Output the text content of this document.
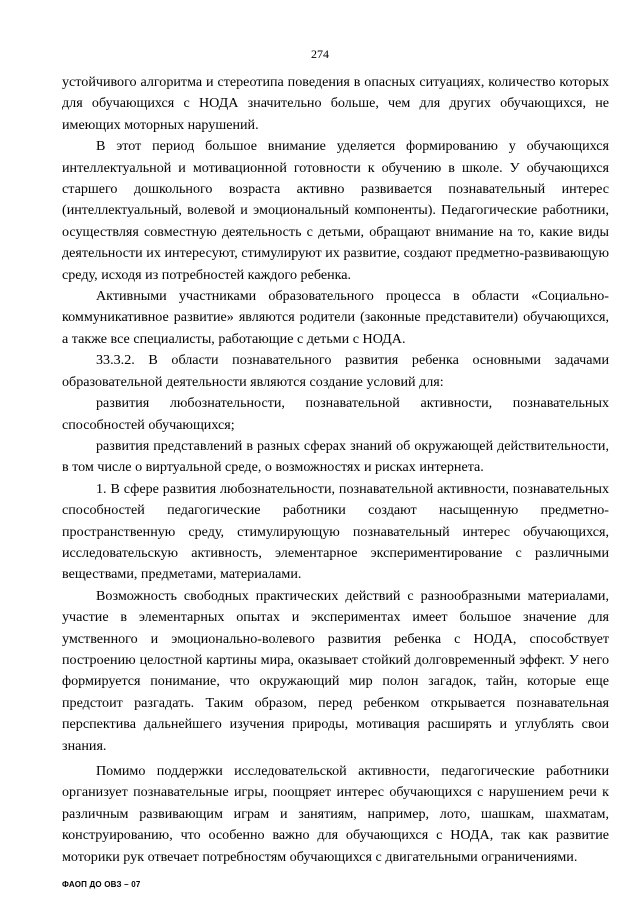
274

устойчивого алгоритма и стереотипа поведения в опасных ситуациях, количество которых для обучающихся с НОДА значительно больше, чем для других обучающихся, не имеющих моторных нарушений.

В этот период большое внимание уделяется формированию у обучающихся интеллектуальной и мотивационной готовности к обучению в школе. У обучающихся старшего дошкольного возраста активно развивается познавательный интерес (интеллектуальный, волевой и эмоциональный компоненты). Педагогические работники, осуществляя совместную деятельность с детьми, обращают внимание на то, какие виды деятельности их интересуют, стимулируют их развитие, создают предметно-развивающую среду, исходя из потребностей каждого ребенка.

Активными участниками образовательного процесса в области «Социально-коммуникативное развитие» являются родители (законные представители) обучающихся, а также все специалисты, работающие с детьми с НОДА.

33.3.2. В области познавательного развития ребенка основными задачами образовательной деятельности являются создание условий для:

развития любознательности, познавательной активности, познавательных способностей обучающихся;

развития представлений в разных сферах знаний об окружающей действительности, в том числе о виртуальной среде, о возможностях и рисках интернета.

1. В сфере развития любознательности, познавательной активности, познавательных способностей педагогические работники создают насыщенную предметно-пространственную среду, стимулирующую познавательный интерес обучающихся, исследовательскую активность, элементарное экспериментирование с различными веществами, предметами, материалами.

Возможность свободных практических действий с разнообразными материалами, участие в элементарных опытах и экспериментах имеет большое значение для умственного и эмоционально-волевого развития ребенка с НОДА, способствует построению целостной картины мира, оказывает стойкий долговременный эффект. У него формируется понимание, что окружающий мир полон загадок, тайн, которые еще предстоит разгадать. Таким образом, перед ребенком открывается познавательная перспектива дальнейшего изучения природы, мотивация расширять и углублять свои знания.

Помимо поддержки исследовательской активности, педагогические работники организует познавательные игры, поощряет интерес обучающихся с нарушением речи к различным развивающим играм и занятиям, например, лото, шашкам, шахматам, конструированию, что особенно важно для обучающихся с НОДА, так как развитие моторики рук отвечает потребностям обучающихся с двигательными ограничениями.

ФАОП ДО ОВЗ – 07
